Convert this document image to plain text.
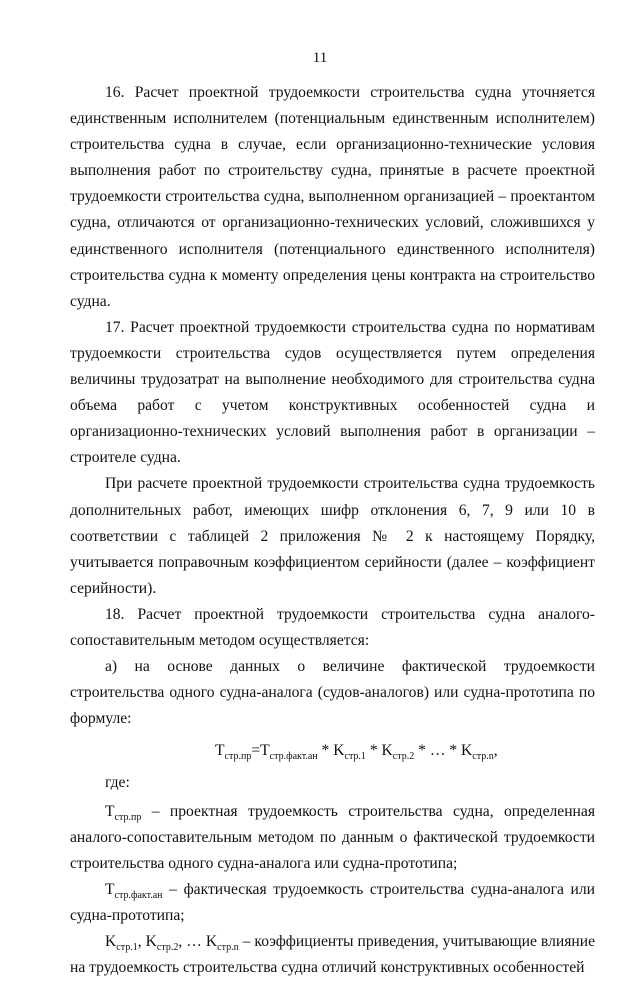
11

16. Расчет проектной трудоемкости строительства судна уточняется единственным исполнителем (потенциальным единственным исполнителем) строительства судна в случае, если организационно-технические условия выполнения работ по строительству судна, принятые в расчете проектной трудоемкости строительства судна, выполненном организацией – проектантом судна, отличаются от организационно-технических условий, сложившихся у единственного исполнителя (потенциального единственного исполнителя) строительства судна к моменту определения цены контракта на строительство судна.

17. Расчет проектной трудоемкости строительства судна по нормативам трудоемкости строительства судов осуществляется путем определения величины трудозатрат на выполнение необходимого для строительства судна объема работ с учетом конструктивных особенностей судна и организационно-технических условий выполнения работ в организации – строителе судна.

При расчете проектной трудоемкости строительства судна трудоемкость дополнительных работ, имеющих шифр отклонения 6, 7, 9 или 10 в соответствии с таблицей 2 приложения № 2 к настоящему Порядку, учитывается поправочным коэффициентом серийности (далее – коэффициент серийности).

18. Расчет проектной трудоемкости строительства судна аналого-сопоставительным методом осуществляется:

а) на основе данных о величине фактической трудоемкости строительства одного судна-аналога (судов-аналогов) или судна-прототипа по формуле:

$T_{стр.пр}=T_{стр.факт.ан} * K_{стр.1} * K_{стр.2}$ * … * $K_{стр.n}$,

где:

$T_{стр.пр}$ – проектная трудоемкость строительства судна, определенная аналого-сопоставительным методом по данным о фактической трудоемкости строительства одного судна-аналога или судна-прототипа;

$T_{стр.факт.ан}$ – фактическая трудоемкость строительства судна-аналога или судна-прототипа;

$K_{стр.1}$, $K_{стр.2}$, … $K_{стр.n}$ – коэффициенты приведения, учитывающие влияние на трудоемкость строительства судна отличий конструктивных особенностей
